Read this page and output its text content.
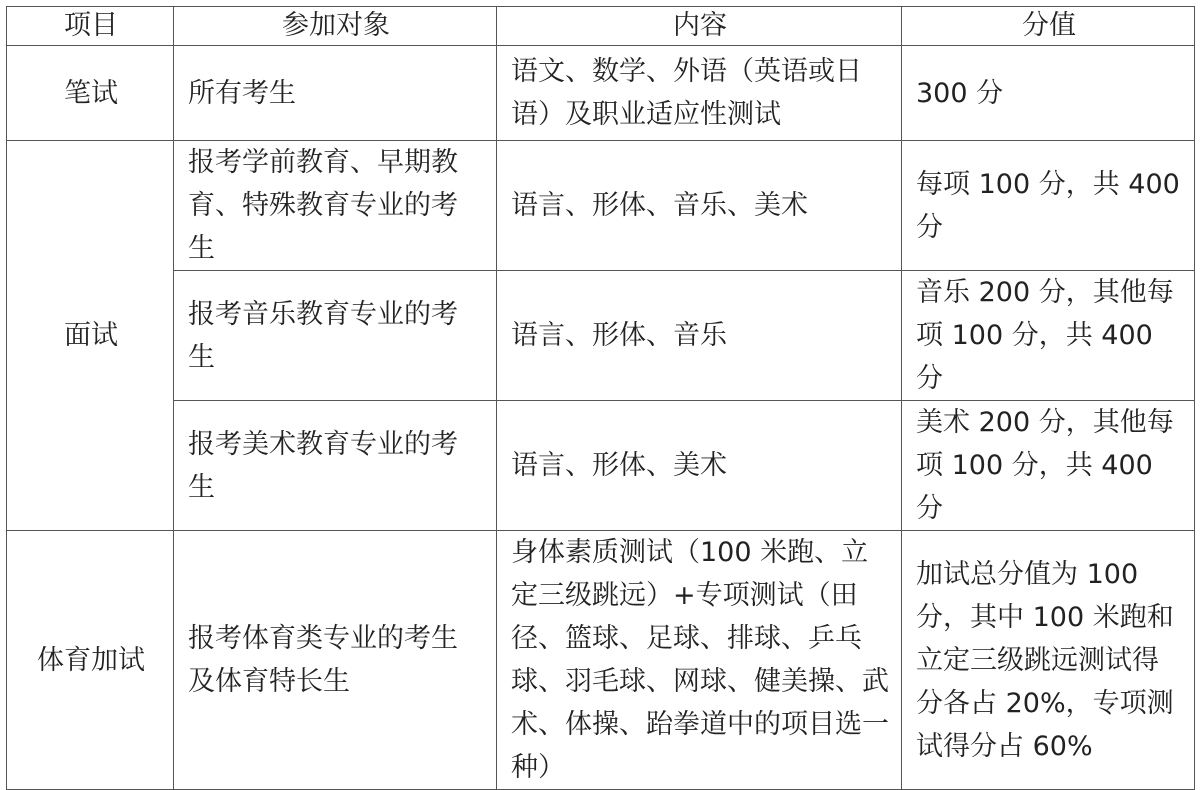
项目	参加对象	内容	分值
笔试	所有考生	语文、数学、外语（英语或日语）及职业适应性测试	300 分
面试	报考学前教育、早期教育、特殊教育专业的考生	语言、形体、音乐、美术	每项 100 分，共 400 分
	报考音乐教育专业的考生	语言、形体、音乐	音乐 200 分，其他每项 100 分，共 400 分
	报考美术教育专业的考生	语言、形体、美术	美术 200 分，其他每项 100 分，共 400 分
体育加试	报考体育类专业的考生及体育特长生	身体素质测试（100 米跑、立定三级跳远）+专项测试（田径、篮球、足球、排球、乒乓球、羽毛球、网球、健美操、武术、体操、跆拳道中的项目选一种）	加试总分值为 100 分，其中 100 米跑和立定三级跳远测试得分各占 20%，专项测试得分占 60%
